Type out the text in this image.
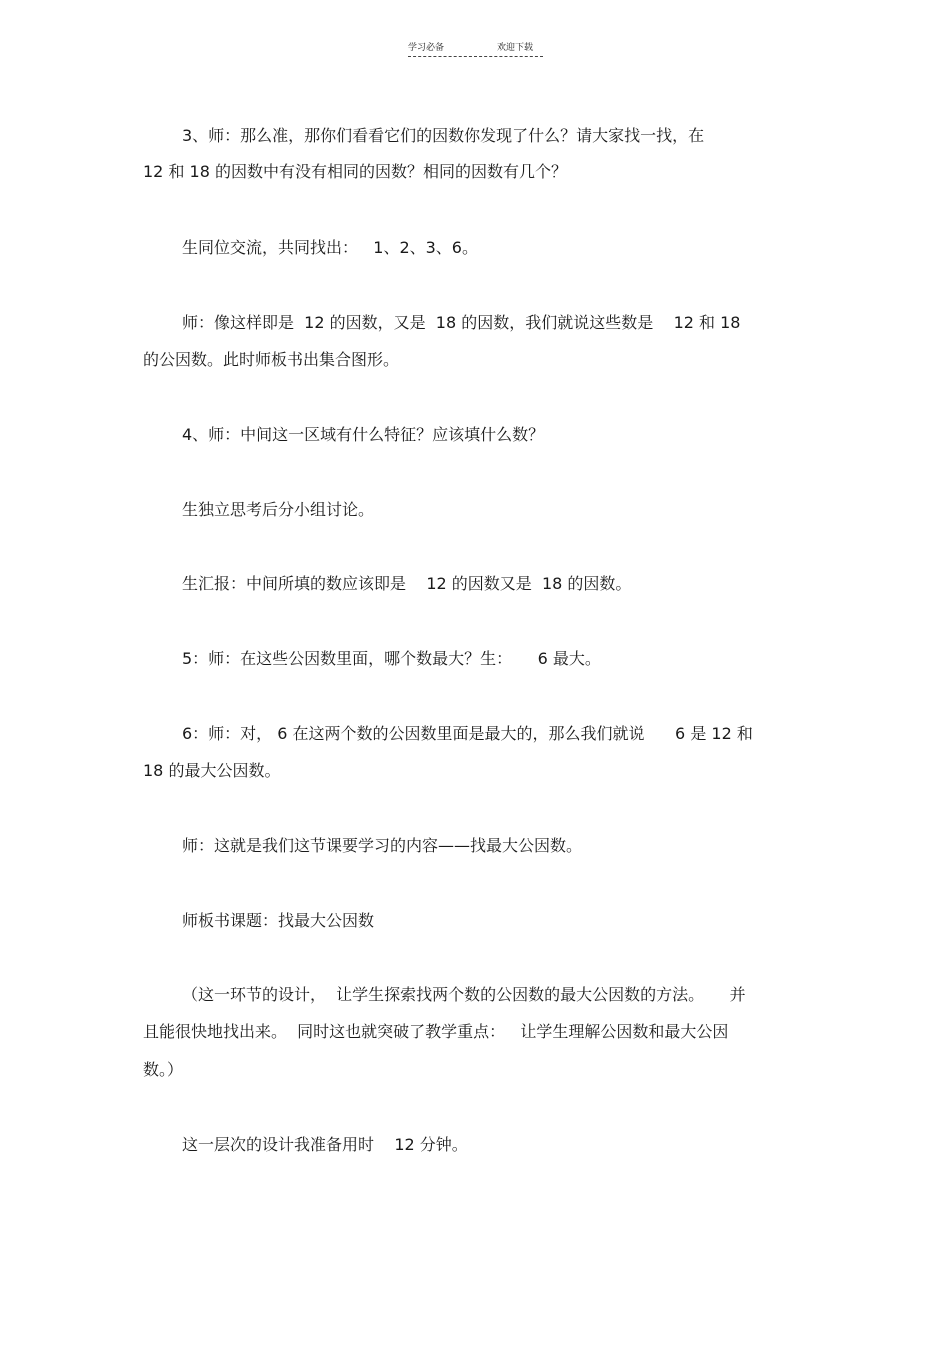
学习必备	欢迎下载
3、师：那么准，那你们看看它们的因数你发现了什么？请大家找一找，在
12 和 18 的因数中有没有相同的因数？相同的因数有几个？
生同位交流，共同找出：   1、2、3、6。
师：像这样即是  12 的因数，又是  18 的因数，我们就说这些数是    12 和 18
的公因数。此时师板书出集合图形。
4、师：中间这一区域有什么特征？应该填什么数？
生独立思考后分小组讨论。
生汇报：中间所填的数应该即是    12 的因数又是  18 的因数。
5：师：在这些公因数里面，哪个数最大？生：     6 最大。
6：师：对， 6 在这两个数的公因数里面是最大的，那么我们就说      6 是 12 和
18 的最大公因数。
师：这就是我们这节课要学习的内容——找最大公因数。
师板书课题：找最大公因数
（这一环节的设计，  让学生探索找两个数的公因数的最大公因数的方法。     并
且能很快地找出来。  同时这也就突破了教学重点：   让学生理解公因数和最大公因
数。）
这一层次的设计我准备用时    12 分钟。
